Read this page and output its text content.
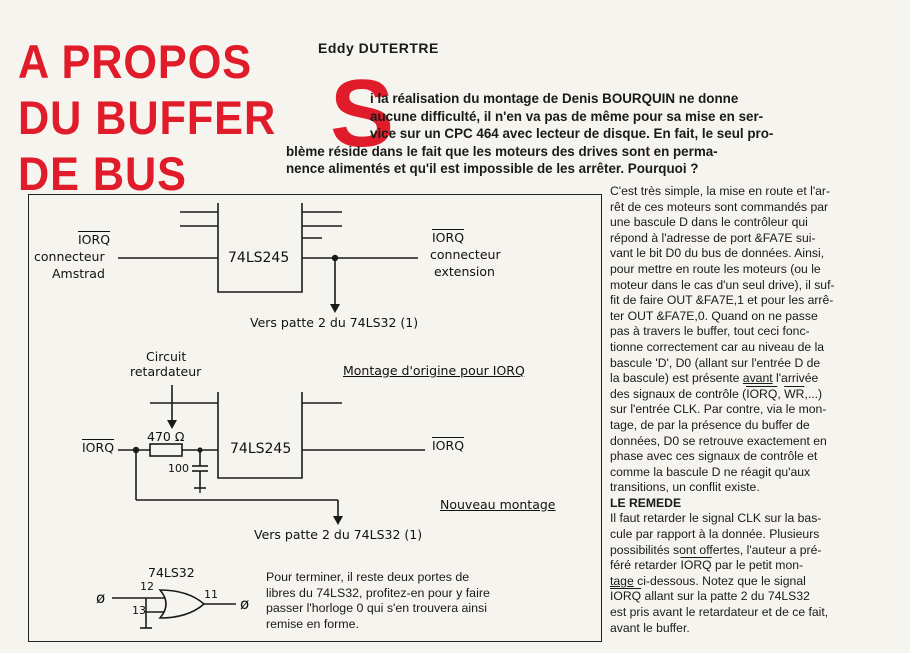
A PROPOS
DU BUFFER
DE BUS
Eddy DUTERTRE
S
i la réalisation du montage de Denis BOURQUIN ne donne
aucune difficulté, il n'en va pas de même pour sa mise en ser-
vice sur un CPC 464 avec lecteur de disque. En fait, le seul pro-
blème réside dans le fait que les moteurs des drives sont en perma-
nence alimentés et qu'il est impossible de les arrêter. Pourquoi ?
C'est très simple, la mise en route et l'ar-
rêt de ces moteurs sont commandés par
une bascule D dans le contrôleur qui
répond à l'adresse de port &FA7E sui-
vant le bit D0 du bus de données. Ainsi,
pour mettre en route les moteurs (ou le
moteur dans le cas d'un seul drive), il suf-
fit de faire OUT &FA7E,1 et pour les arrê-
ter OUT &FA7E,0. Quand on ne passe
pas à travers le buffer, tout ceci fonc-
tionne correctement car au niveau de la
bascule 'D', D0 (allant sur l'entrée D de
la bascule) est présente avant l'arrivée
des signaux de contrôle (IORQ, $\overline{WR}$,...)
sur l'entrée CLK. Par contre, via le mon-
tage, de par la présence du buffer de
données, D0 se retrouve exactement en
phase avec ces signaux de contrôle et
comme la bascule D ne réagit qu'aux
transitions, un conflit existe.
LE REMEDE
Il faut retarder le signal CLK sur la bas-
cule par rapport à la donnée. Plusieurs
possibilités sont offertes, l'auteur a pré-
féré retarder IORQ par le petit mon-
tage ci-dessous. Notez que le signal
IORQ allant sur la patte 2 du 74LS32
est pris avant le retardateur et de ce fait,
avant le buffer.
IORQ
connecteur
Amstrad
74LS245
IORQ
connecteur
extension
Vers patte 2 du 74LS32 (1)
Montage d'origine pour IORQ
Circuit
retardateur
470 Ω
100
IORQ	74LS245	IORQ
Nouveau montage
Vers patte 2 du 74LS32 (1)
74LS32
12
11
13
ø	ø
Pour terminer, il reste deux portes de
libres du 74LS32, profitez-en pour y faire
passer l'horloge 0 qui s'en trouvera ainsi
remise en forme.
